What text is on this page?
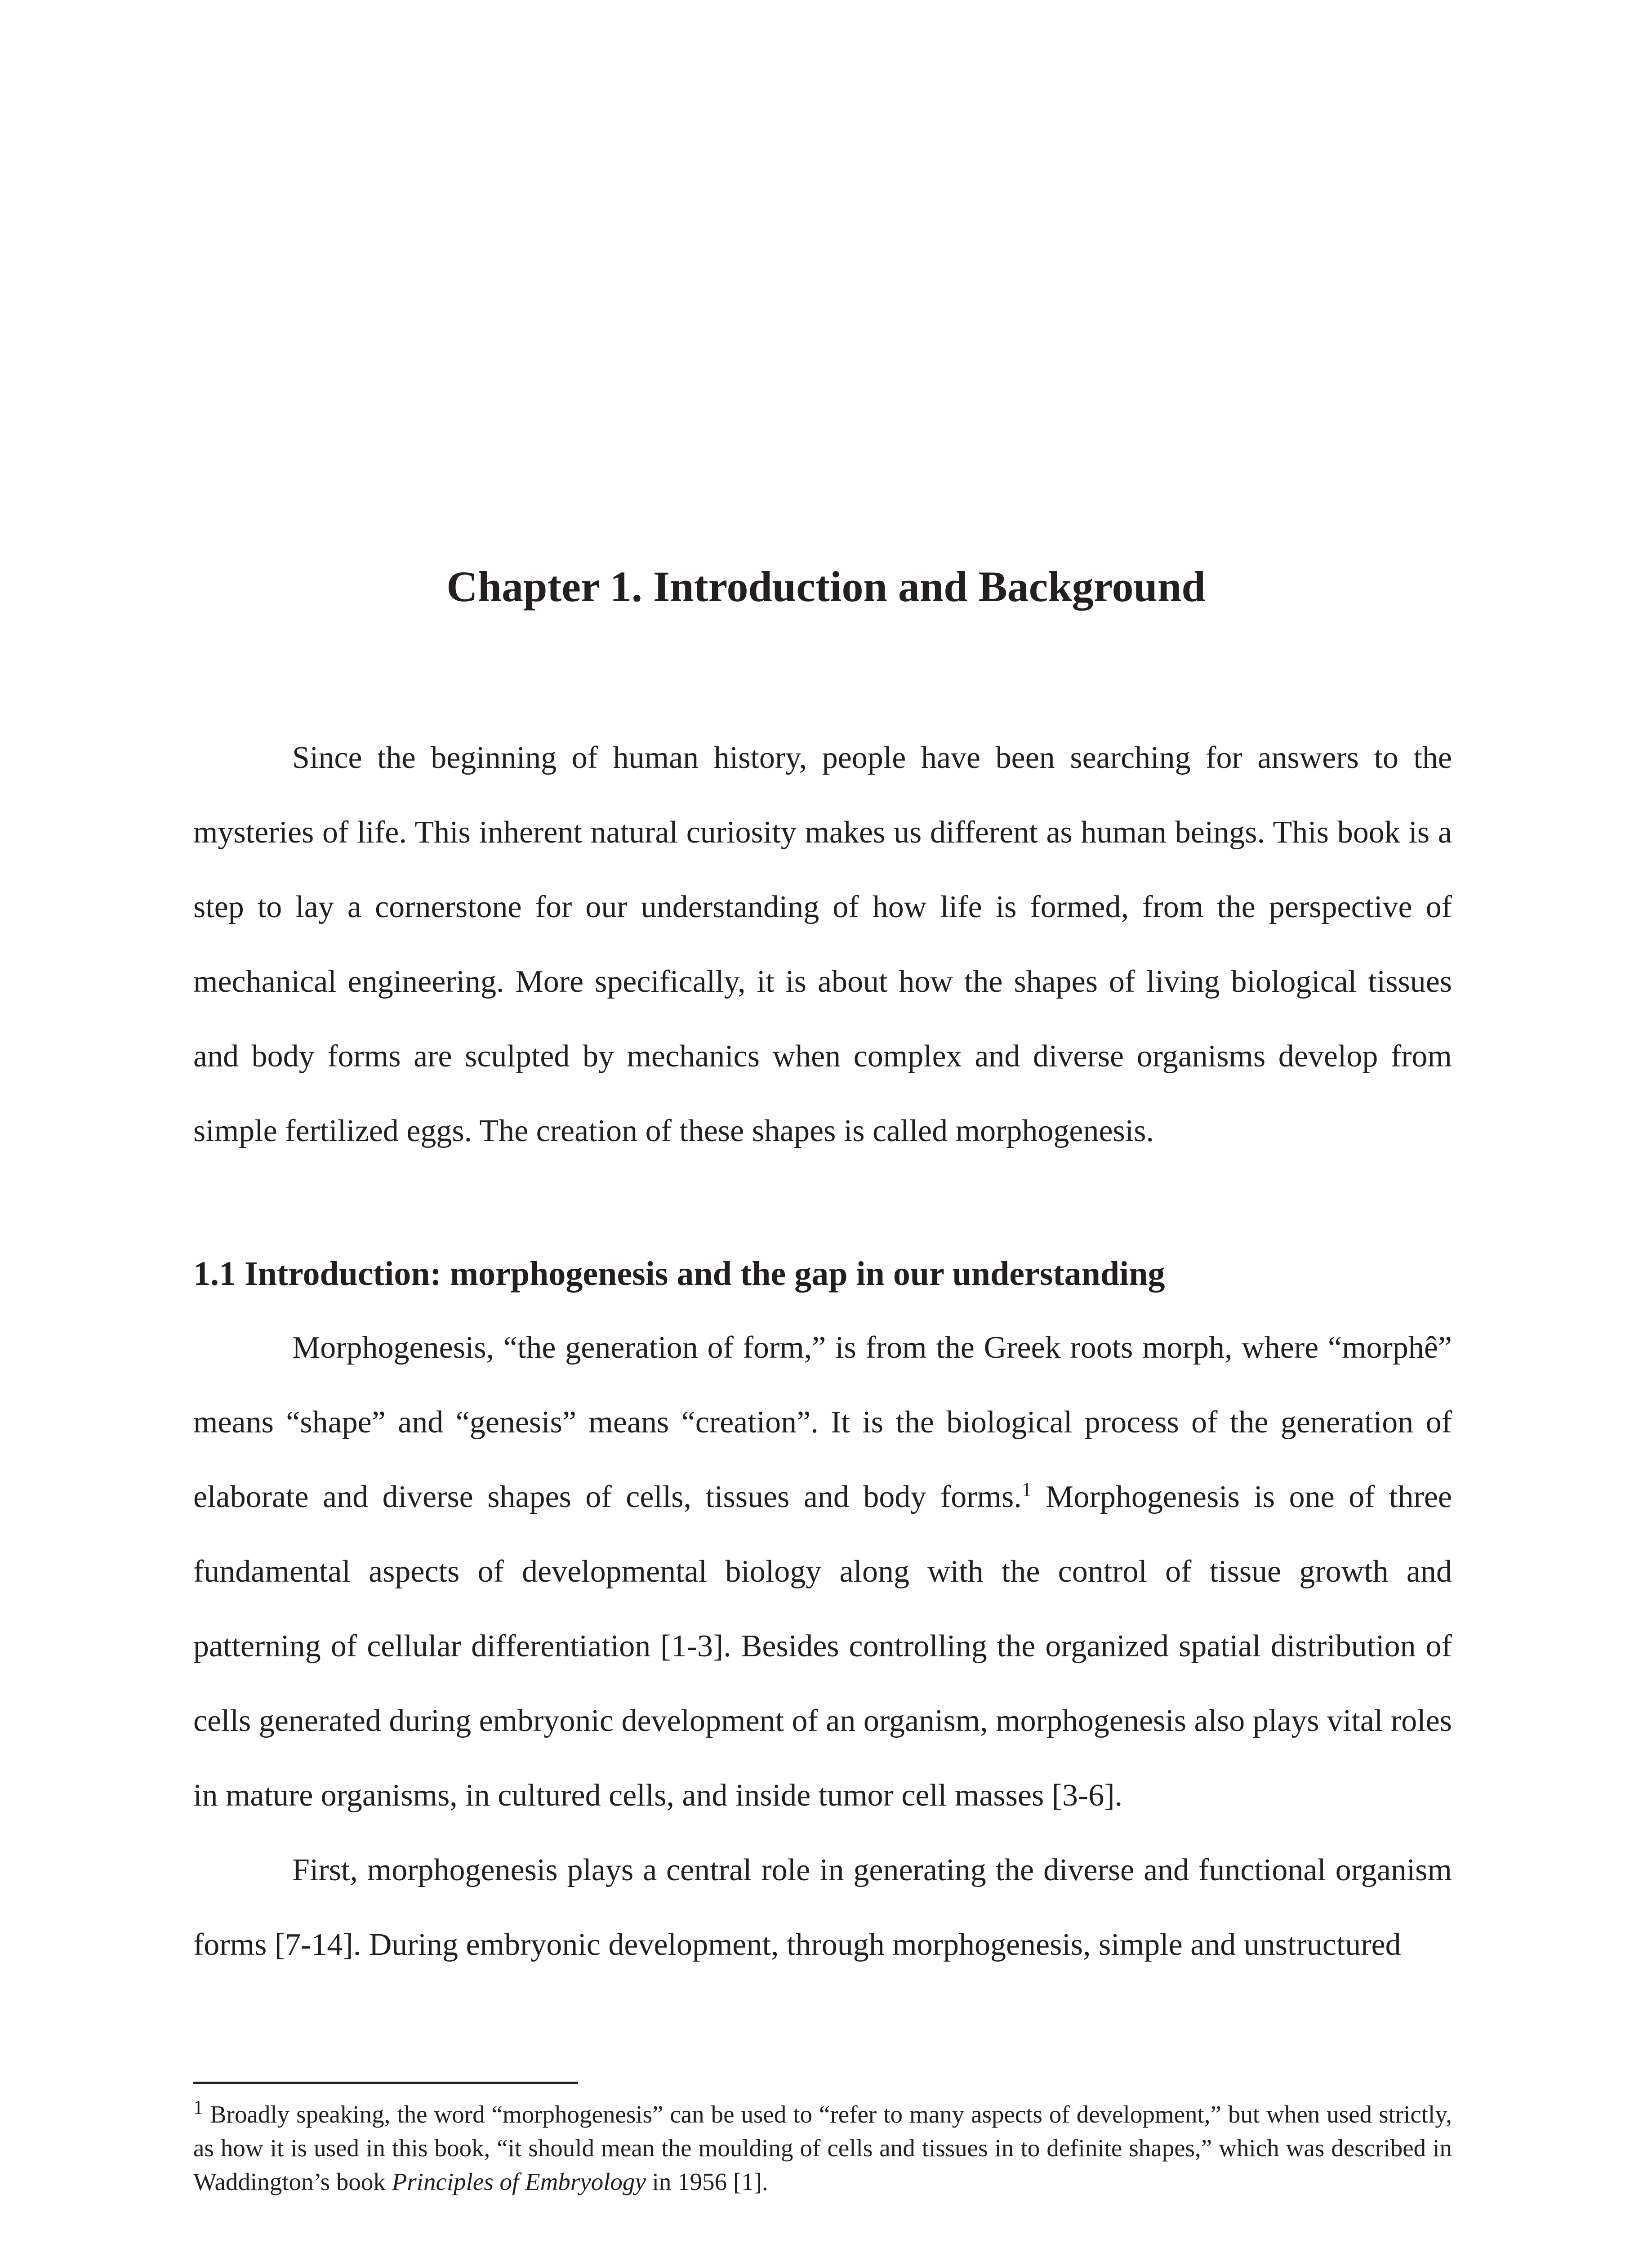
Chapter 1. Introduction and Background

Since the beginning of human history, people have been searching for answers to the mysteries of life. This inherent natural curiosity makes us different as human beings. This book is a step to lay a cornerstone for our understanding of how life is formed, from the perspective of mechanical engineering. More specifically, it is about how the shapes of living biological tissues and body forms are sculpted by mechanics when complex and diverse organisms develop from simple fertilized eggs. The creation of these shapes is called morphogenesis.

1.1 Introduction: morphogenesis and the gap in our understanding

Morphogenesis, “the generation of form,” is from the Greek roots morph, where “morphê” means “shape” and “genesis” means “creation”. It is the biological process of the generation of elaborate and diverse shapes of cells, tissues and body forms.$^1$ Morphogenesis is one of three fundamental aspects of developmental biology along with the control of tissue growth and patterning of cellular differentiation [1-3]. Besides controlling the organized spatial distribution of cells generated during embryonic development of an organism, morphogenesis also plays vital roles in mature organisms, in cultured cells, and inside tumor cell masses [3-6].

First, morphogenesis plays a central role in generating the diverse and functional organism forms [7-14]. During embryonic development, through morphogenesis, simple and unstructured

$^1$ Broadly speaking, the word “morphogenesis” can be used to “refer to many aspects of development,” but when used strictly, as how it is used in this book, “it should mean the moulding of cells and tissues in to definite shapes,” which was described in Waddington’s book Principles of Embryology in 1956 [1].
